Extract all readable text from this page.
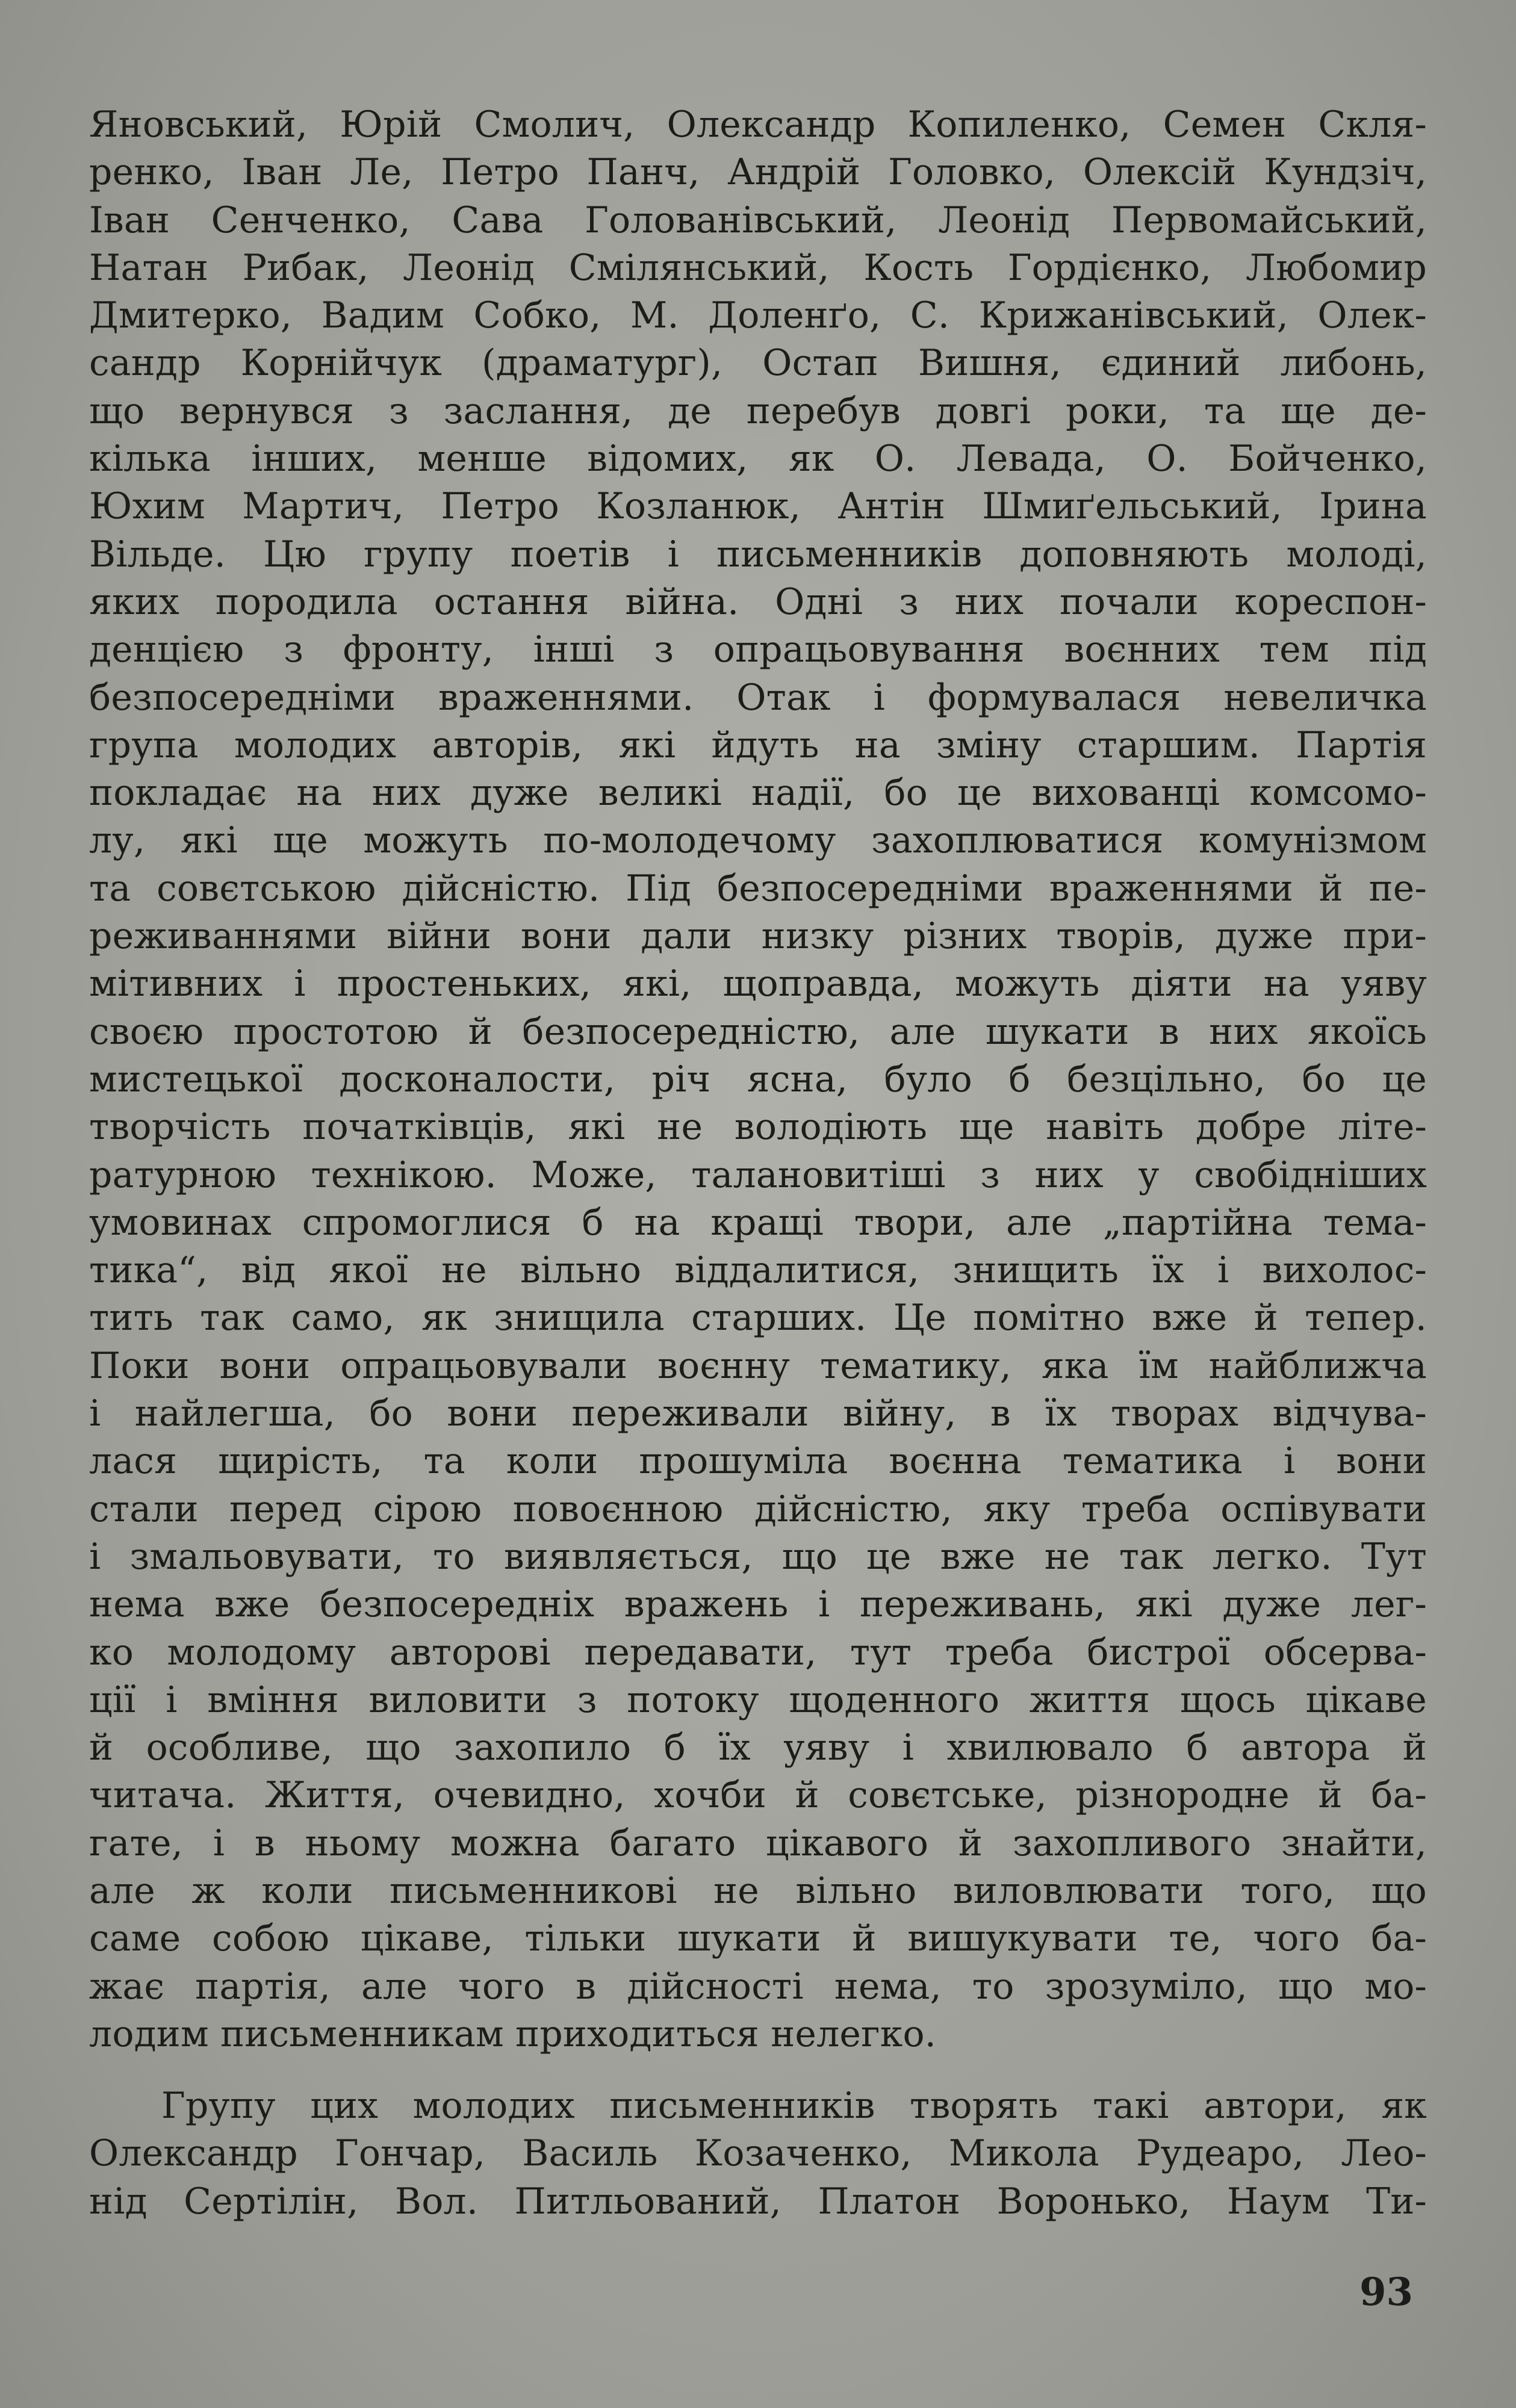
Яновський, Юрій Смолич, Олександр Копиленко, Семен Скля-
ренко, Іван Ле, Петро Панч, Андрій Головко, Олексій Кундзіч,
Іван Сенченко, Сава Голованівський, Леонід Первомайський,
Натан Рибак, Леонід Смілянський, Кость Гордієнко, Любомир
Дмитерко, Вадим Собко, М. Доленґо, С. Крижанівський, Олек-
сандр Корнійчук (драматург), Остап Вишня, єдиний либонь,
що вернувся з заслання, де перебув довгі роки, та ще де-
кілька інших, менше відомих, як О. Левада, О. Бойченко,
Юхим Мартич, Петро Козланюк, Антін Шмиґельський, Ірина
Вільде. Цю групу поетів і письменників доповняють молоді,
яких породила остання війна. Одні з них почали кореспон-
денцією з фронту, інші з опрацьовування воєнних тем під
безпосередніми враженнями. Отак і формувалася невеличка
група молодих авторів, які йдуть на зміну старшим. Партія
покладає на них дуже великі надії, бо це вихованці комсомо-
лу, які ще можуть по-молодечому захоплюватися комунізмом
та совєтською дійсністю. Під безпосередніми враженнями й пе-
реживаннями війни вони дали низку різних творів, дуже при-
мітивних і простеньких, які, щоправда, можуть діяти на уяву
своєю простотою й безпосередністю, але шукати в них якоїсь
мистецької досконалости, річ ясна, було б безцільно, бо це
творчість початківців, які не володіють ще навіть добре літе-
ратурною технікою. Може, талановитіші з них у свобідніших
умовинах спромоглися б на кращі твори, але „партійна тема-
тика“, від якої не вільно віддалитися, знищить їх і вихолос-
тить так само, як знищила старших. Це помітно вже й тепер.
Поки вони опрацьовували воєнну тематику, яка їм найближча
і найлегша, бо вони переживали війну, в їх творах відчува-
лася щирість, та коли прошуміла воєнна тематика і вони
стали перед сірою повоєнною дійсністю, яку треба оспівувати
і змальовувати, то виявляється, що це вже не так легко. Тут
нема вже безпосередніх вражень і переживань, які дуже лег-
ко молодому авторові передавати, тут треба бистрої обсерва-
ції і вміння виловити з потоку щоденного життя щось цікаве
й особливе, що захопило б їх уяву і хвилювало б автора й
читача. Життя, очевидно, хочби й совєтське, різнородне й ба-
гате, і в ньому можна багато цікавого й захопливого знайти,
але ж коли письменникові не вільно виловлювати того, що
саме собою цікаве, тільки шукати й вишукувати те, чого ба-
жає партія, але чого в дійсності нема, то зрозуміло, що мо-
лодим письменникам приходиться нелегко.
Групу цих молодих письменників творять такі автори, як
Олександр Гончар, Василь Козаченко, Микола Рудеаро, Лео-
нід Сертілін, Вол. Питльований, Платон Воронько, Наум Ти-
93
